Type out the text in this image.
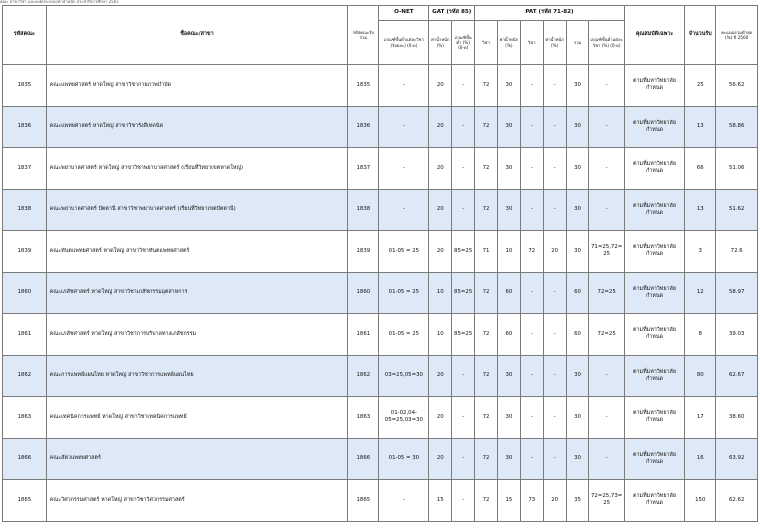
คณะ สาขาวิชา และองค์ประกอบ/ค่าน้ำหนัก ประจำปีการศึกษา 2561
รหัสคณะ	ชื่อคณะ/สาขา	รหัสคณะรับร่วม	O-NET	GAT (รหัส 85)		PAT (รหัส 71-82)						คุณสมบัติเฉพาะ	จำนวนรับ	คะแนนรวมต่ำสุด (%) ปี 2560
			เกณฑ์ขั้นต่ำแต่ละวิชา (ร้อยละ) (0-ด)	ค่าน้ำหนัก (%)	เกณฑ์ขั้นต่ำ (%) (0-ด)	วิชา	ค่าน้ำหนัก (%)	วิชา	ค่าน้ำหนัก (%)	รวม	เกณฑ์ขั้นต่ำแต่ละวิชา (%) (0-ด)			
1835	คณะแพทยศาสตร์ หาดใหญ่ สาขาวิชากายภาพบำบัด	1835	-	20	-	72	30	-	-	30	-	ตามที่มหาวิทยาลัยกำหนด	25	56.62
1836	คณะแพทยศาสตร์ หาดใหญ่ สาขาวิชารังสีเทคนิค	1836	-	20	-	72	30	-	-	30	-	ตามที่มหาวิทยาลัยกำหนด	13	58.86
1837	คณะพยาบาลศาสตร์ หาดใหญ่ สาขาวิชาพยาบาลศาสตร์ (เรียนที่วิทยาเขตหาดใหญ่)	1837	-	20	-	72	30	-	-	30	-	ตามที่มหาวิทยาลัยกำหนด	66	51.06
1838	คณะพยาบาลศาสตร์ ปัตตานี สาขาวิชาพยาบาลศาสตร์ (เรียนที่วิทยาเขตปัตตานี)	1838	-	20	-	72	30	-	-	30	-	ตามที่มหาวิทยาลัยกำหนด	13	51.62
1839	คณะทันตแพทยศาสตร์ หาดใหญ่ สาขาวิชาทันตแพทยศาสตร์	1839	01-05 = 25	20	85=25	71	10	72	20	30	71=25,72=25	ตามที่มหาวิทยาลัยกำหนด	3	72.6
1860	คณะเภสัชศาสตร์ หาดใหญ่ สาขาวิชาเภสัชกรรมอุตสาหการ	1860	01-05 = 25	10	85=25	72	60	-	-	60	72=25	ตามที่มหาวิทยาลัยกำหนด	12	58.97
1861	คณะเภสัชศาสตร์ หาดใหญ่ สาขาวิชาการบริบาลทางเภสัชกรรม	1861	01-05 = 25	10	85=25	72	60	-	-	60	72=25	ตามที่มหาวิทยาลัยกำหนด	8	39.03
1862	คณะการแพทย์แผนไทย หาดใหญ่ สาขาวิชาการแพทย์แผนไทย	1862	03=25,05=30	20	-	72	30	-	-	30	-	ตามที่มหาวิทยาลัยกำหนด	80	62.67
1863	คณะเทคนิคการแพทย์ หาดใหญ่ สาขาวิชาเทคนิคการแพทย์	1863	01-02,04-05=25,03=30	20	-	72	30	-	-	30	-	ตามที่มหาวิทยาลัยกำหนด	17	38.60
1866	คณะสัตวแพทยศาสตร์	1866	01-05 = 30	20	-	72	30	-	-	30	-	ตามที่มหาวิทยาลัยกำหนด	16	63.92
1865	คณะวิศวกรรมศาสตร์ หาดใหญ่ สาขาวิชาวิศวกรรมศาสตร์	1865	-	15	-	72	15	73	20	35	72=25,73=25	ตามที่มหาวิทยาลัยกำหนด	150	62.62
